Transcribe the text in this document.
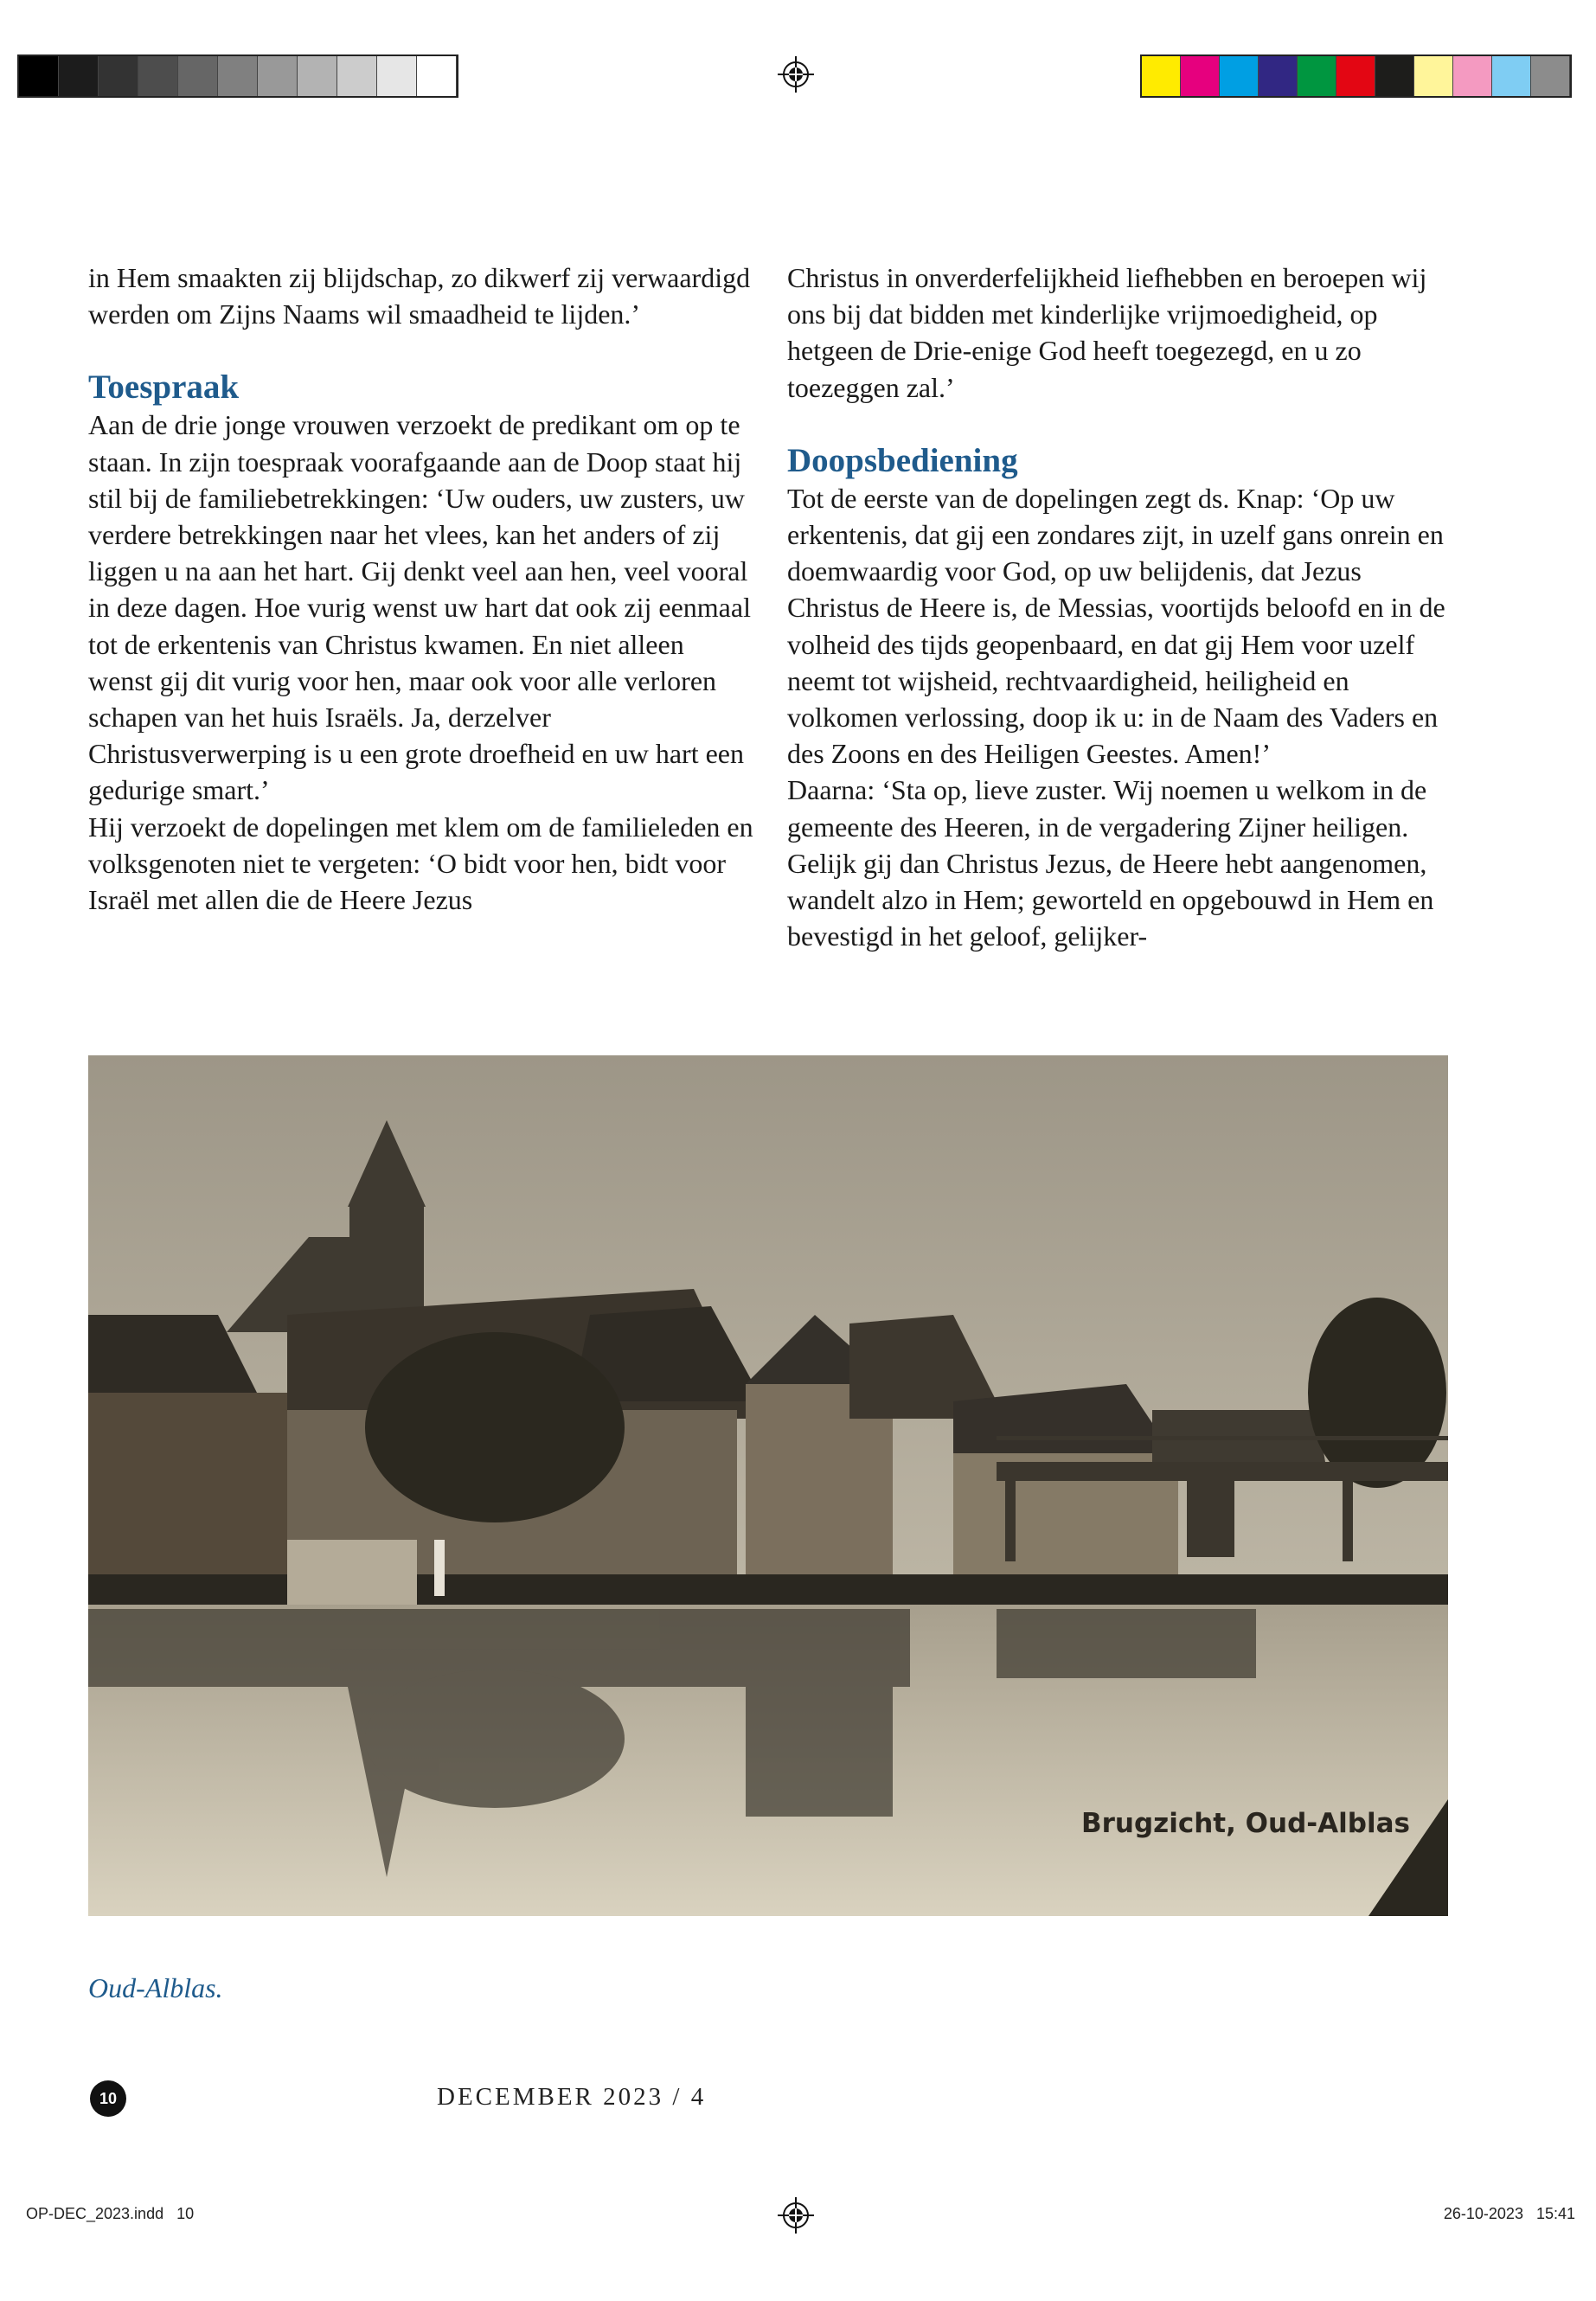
in Hem smaakten zij blijdschap, zo dikwerf zij verwaardigd werden om Zijns Naams wil smaadheid te lijden.’

Toespraak

Aan de drie jonge vrouwen verzoekt de predikant om op te staan. In zijn toespraak voorafgaande aan de Doop staat hij stil bij de familiebetrekkingen: ‘Uw ouders, uw zusters, uw verdere betrekkingen naar het vlees, kan het anders of zij liggen u na aan het hart. Gij denkt veel aan hen, veel vooral in deze dagen. Hoe vurig wenst uw hart dat ook zij eenmaal tot de erkentenis van Christus kwamen. En niet alleen wenst gij dit vurig voor hen, maar ook voor alle verloren schapen van het huis Israëls. Ja, derzelver Christusverwerping is u een grote droefheid en uw hart een gedurige smart.’

Hij verzoekt de dopelingen met klem om de familieleden en volksgenoten niet te vergeten: ‘O bidt voor hen, bidt voor Israël met allen die de Heere Jezus

Christus in onverderfelijkheid liefhebben en beroepen wij ons bij dat bidden met kinderlijke vrijmoedigheid, op hetgeen de Drie-enige God heeft toegezegd, en u zo toezeggen zal.’

Doopsbediening

Tot de eerste van de dopelingen zegt ds. Knap: ‘Op uw erkentenis, dat gij een zondares zijt, in uzelf gans onrein en doemwaardig voor God, op uw belijdenis, dat Jezus Christus de Heere is, de Messias, voortijds beloofd en in de volheid des tijds geopenbaard, en dat gij Hem voor uzelf neemt tot wijsheid, rechtvaardigheid, heiligheid en volkomen verlossing, doop ik u: in de Naam des Vaders en des Zoons en des Heiligen Geestes. Amen!’

Daarna: ‘Sta op, lieve zuster. Wij noemen u welkom in de gemeente des Heeren, in de vergadering Zijner heiligen. Gelijk gij dan Christus Jezus, de Heere hebt aangenomen, wandelt alzo in Hem; geworteld en opgebouwd in Hem en bevestigd in het geloof, gelijker-

Brugzicht, Oud-Alblas
Oud-Alblas.
10	DECEMBER 2023 / 4
OP-DEC_2023.indd   10	26-10-2023   15:41
